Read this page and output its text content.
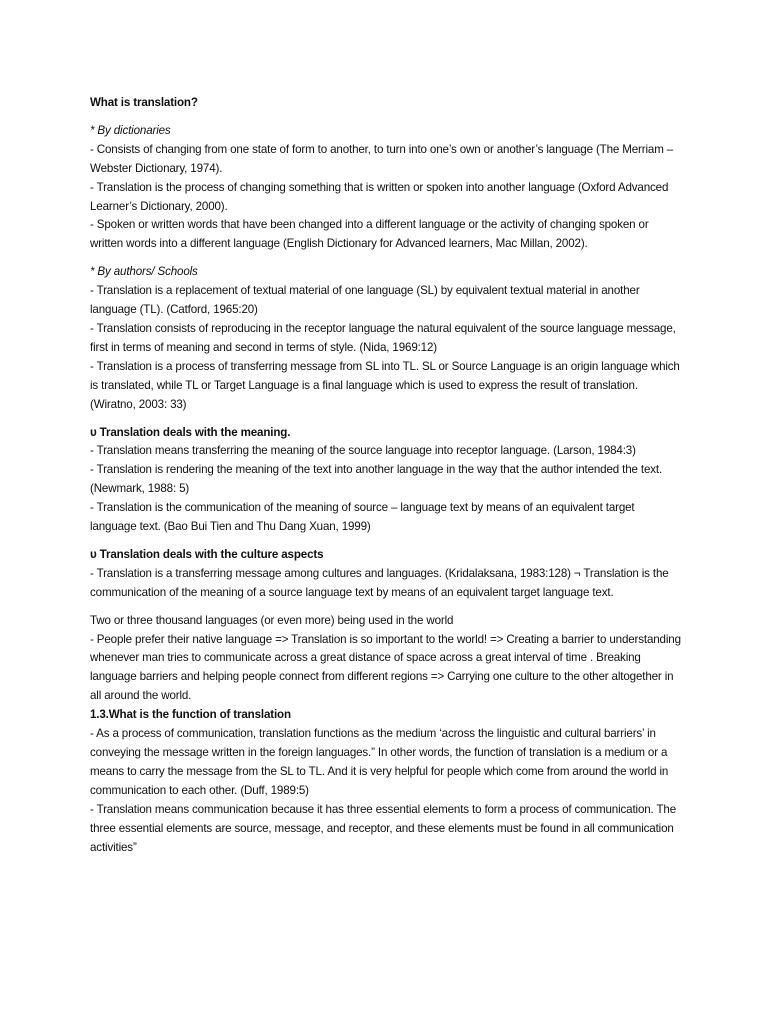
What is translation?

* By dictionaries

- Consists of changing from one state of form to another, to turn into one’s own or another’s language (The Merriam – Webster Dictionary, 1974).

- Translation is the process of changing something that is written or spoken into another language (Oxford Advanced Learner’s Dictionary, 2000).

- Spoken or written words that have been changed into a different language or the activity of changing spoken or written words into a different language (English Dictionary for Advanced learners, Mac Millan, 2002).

* By authors/ Schools

- Translation is a replacement of textual material of one language (SL) by equivalent textual material in another language (TL). (Catford, 1965:20)

- Translation consists of reproducing in the receptor language the natural equivalent of the source language message, first in terms of meaning and second in terms of style. (Nida, 1969:12)

- Translation is a process of transferring message from SL into TL. SL or Source Language is an origin language which is translated, while TL or Target Language is a final language which is used to express the result of translation. (Wiratno, 2003: 33)

υ Translation deals with the meaning.

- Translation means transferring the meaning of the source language into receptor language. (Larson, 1984:3)

- Translation is rendering the meaning of the text into another language in the way that the author intended the text. (Newmark, 1988: 5)

- Translation is the communication of the meaning of source – language text by means of an equivalent target language text. (Bao Bui Tien and Thu Dang Xuan, 1999)

υ Translation deals with the culture aspects

- Translation is a transferring message among cultures and languages. (Kridalaksana, 1983:128) ¬ Translation is the communication of the meaning of a source language text by means of an equivalent target language text.

Two or three thousand languages (or even more) being used in the world

- People prefer their native language => Translation is so important to the world! => Creating a barrier to understanding whenever man tries to communicate across a great distance of space across a great interval of time . Breaking language barriers and helping people connect from different regions => Carrying one culture to the other altogether in all around the world.

1.3.What is the function of translation

- As a process of communication, translation functions as the medium ‘across the linguistic and cultural barriers’ in conveying the message written in the foreign languages.” In other words, the function of translation is a medium or a means to carry the message from the SL to TL. And it is very helpful for people which come from around the world in communication to each other. (Duff, 1989:5)

- Translation means communication because it has three essential elements to form a process of communication. The three essential elements are source, message, and receptor, and these elements must be found in all communication activities”
